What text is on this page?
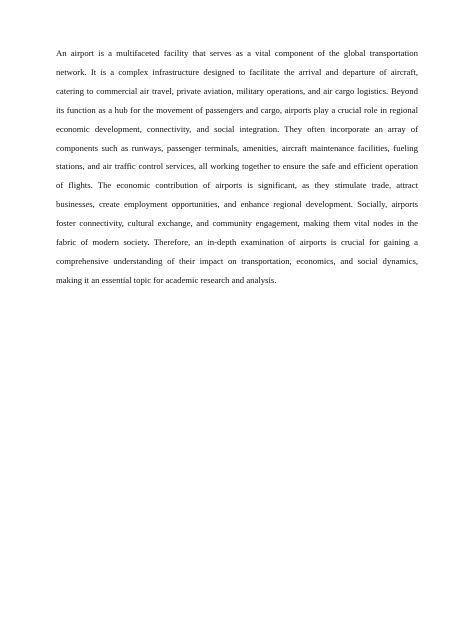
An airport is a multifaceted facility that serves as a vital component of the global transportation network. It is a complex infrastructure designed to facilitate the arrival and departure of aircraft, catering to commercial air travel, private aviation, military operations, and air cargo logistics. Beyond its function as a hub for the movement of passengers and cargo, airports play a crucial role in regional economic development, connectivity, and social integration. They often incorporate an array of components such as runways, passenger terminals, amenities, aircraft maintenance facilities, fueling stations, and air traffic control services, all working together to ensure the safe and efficient operation of flights. The economic contribution of airports is significant, as they stimulate trade, attract businesses, create employment opportunities, and enhance regional development. Socially, airports foster connectivity, cultural exchange, and community engagement, making them vital nodes in the fabric of modern society. Therefore, an in-depth examination of airports is crucial for gaining a comprehensive understanding of their impact on transportation, economics, and social dynamics, making it an essential topic for academic research and analysis.
